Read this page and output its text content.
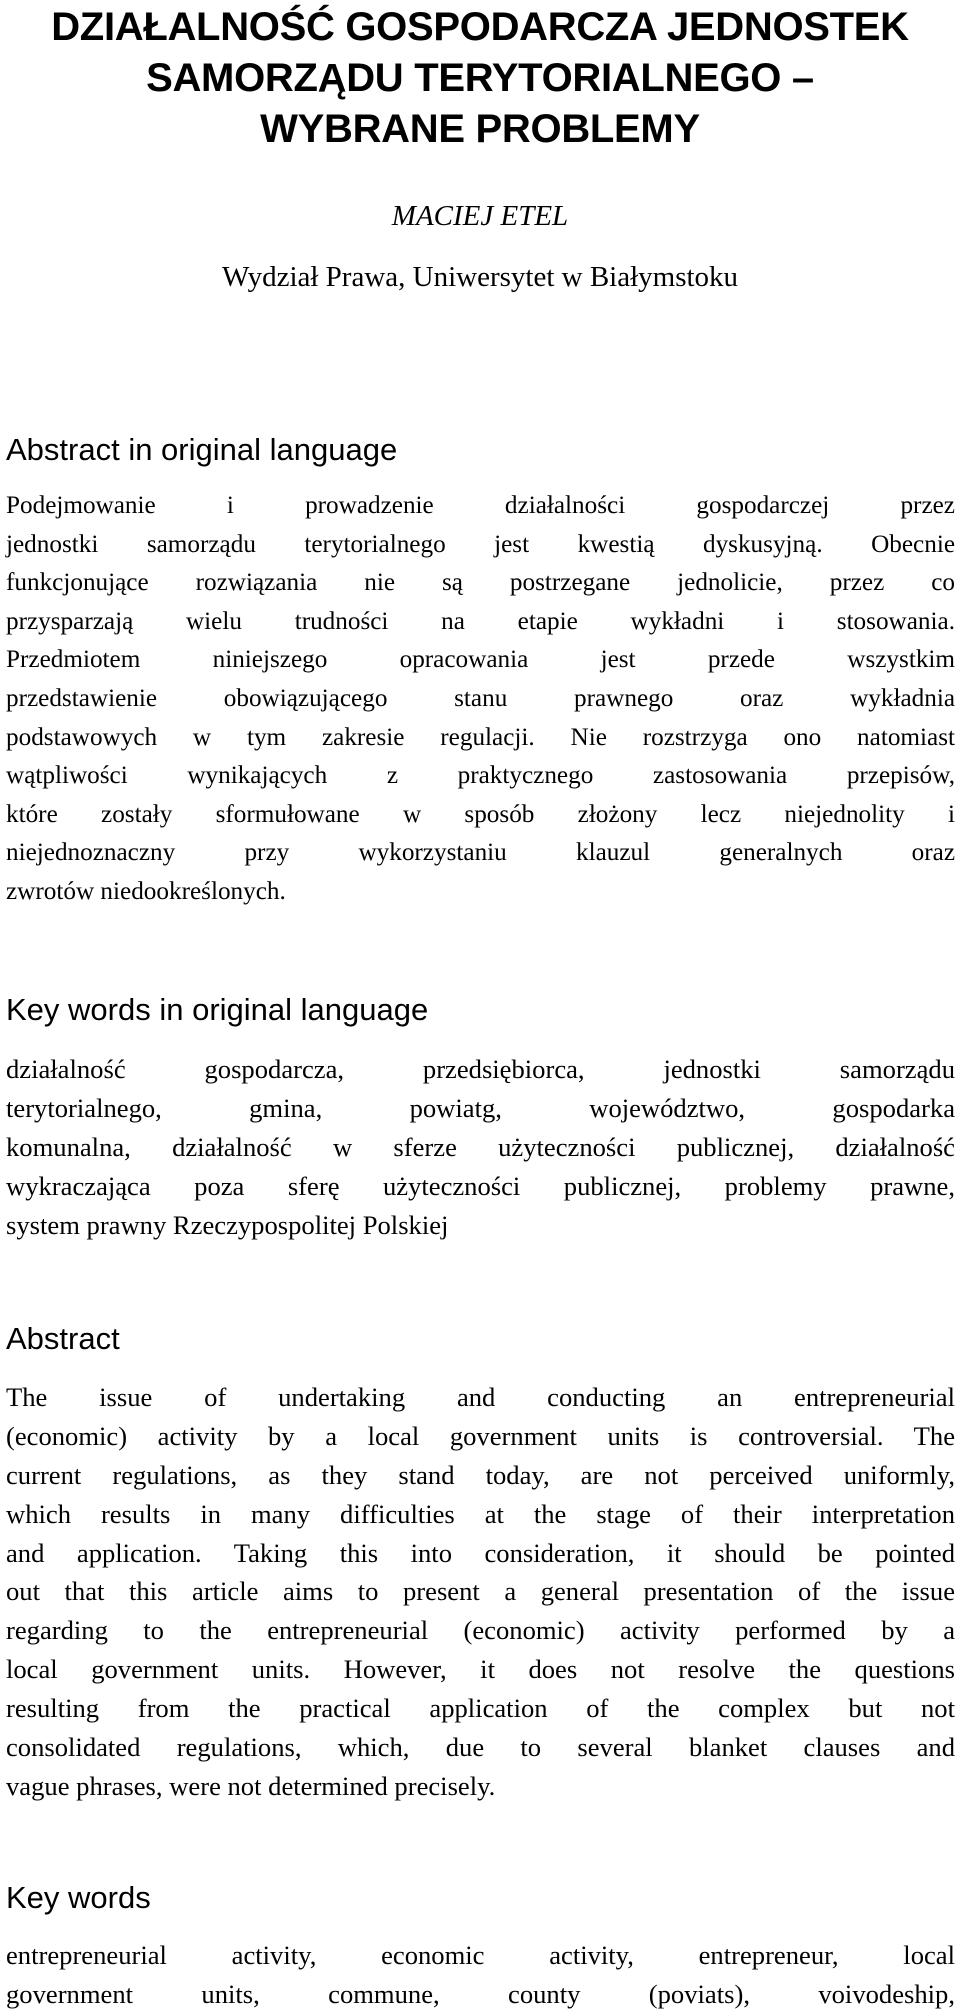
DZIAŁALNOŚĆ GOSPODARCZA JEDNOSTEK
SAMORZĄDU TERYTORIALNEGO –
WYBRANE PROBLEMY
MACIEJ ETEL
Wydział Prawa, Uniwersytet w Białymstoku
Abstract in original language
Podejmowanie i prowadzenie działalności gospodarczej przez
jednostki samorządu terytorialnego jest kwestią dyskusyjną. Obecnie
funkcjonujące rozwiązania nie są postrzegane jednolicie, przez co
przysparzają wielu trudności na etapie wykładni i stosowania.
Przedmiotem niniejszego opracowania jest przede wszystkim
przedstawienie obowiązującego stanu prawnego oraz wykładnia
podstawowych w tym zakresie regulacji. Nie rozstrzyga ono natomiast
wątpliwości wynikających z praktycznego zastosowania przepisów,
które zostały sformułowane w sposób złożony lecz niejednolity i
niejednoznaczny przy wykorzystaniu klauzul generalnych oraz
zwrotów niedookreślonych.
Key words in original language
działalność gospodarcza, przedsiębiorca, jednostki samorządu
terytorialnego, gmina, powiatg, województwo, gospodarka
komunalna, działalność w sferze użyteczności publicznej, działalność
wykraczająca poza sferę użyteczności publicznej, problemy prawne,
system prawny Rzeczypospolitej Polskiej
Abstract
The issue of undertaking and conducting an entrepreneurial
(economic) activity by a local government units is controversial. The
current regulations, as they stand today, are not perceived uniformly,
which results in many difficulties at the stage of their interpretation
and application. Taking this into consideration, it should be pointed
out that this article aims to present a general presentation of the issue
regarding to the entrepreneurial (economic) activity performed by a
local government units. However, it does not resolve the questions
resulting from the practical application of the complex but not
consolidated regulations, which, due to several blanket clauses and
vague phrases, were not determined precisely.
Key words
entrepreneurial activity, economic activity, entrepreneur, local
government units, commune, county (poviats), voivodeship,
